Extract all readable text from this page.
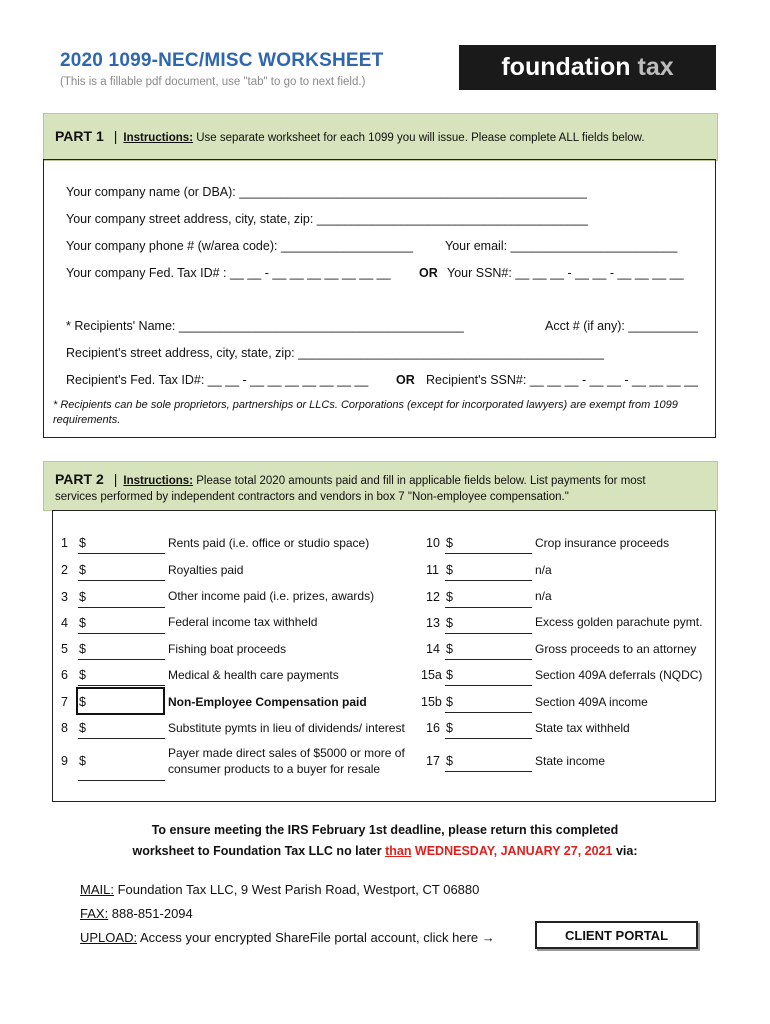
2020 1099-NEC/MISC WORKSHEET
(This is a fillable pdf document, use "tab" to go to next field.)
foundation tax
PART 1 | Instructions: Use separate worksheet for each 1099 you will issue. Please complete ALL fields below.
Your company name (or DBA): __________________________________________________
Your company street address, city, state, zip: _______________________________________
Your company phone # (w/area code): ___________________	Your email: ________________________
Your company Fed. Tax ID# : __ __ - __ __ __ __ __ __ __ OR Your SSN#: __ __ __ - __ __ - __ __ __ __
* Recipients' Name: _________________________________________	Acct # (if any): __________
Recipient's street address, city, state, zip: ____________________________________________
Recipient's Fed. Tax ID#: __ __ - __ __ __ __ __ __ __ OR Recipient's SSN#: __ __ __ - __ __ - __ __ __ __
* Recipients can be sole proprietors, partnerships or LLCs. Corporations (except for incorporated lawyers) are exempt from 1099 requirements.
PART 2 | Instructions: Please total 2020 amounts paid and fill in applicable fields below. List payments for most
services performed by independent contractors and vendors in box 7 "Non-employee compensation."
1 $	Rents paid (i.e. office or studio space)
2 $	Royalties paid
3 $	Other income paid (i.e. prizes, awards)
4 $	Federal income tax withheld
5 $	Fishing boat proceeds
6 $	Medical & health care payments
7 $	Non-Employee Compensation paid
8 $	Substitute pymts in lieu of dividends/ interest
9 $
Payer made direct sales of $5000 or more of consumer products to a buyer for resale
10 $	Crop insurance proceeds
11 $	n/a
12 $	n/a
13 $	Excess golden parachute pymt.
14 $	Gross proceeds to an attorney
15a $	Section 409A deferrals (NQDC)
15b $	Section 409A income
16 $	State tax withheld
17 $	State income
To ensure meeting the IRS February 1st deadline, please return this completed
worksheet to Foundation Tax LLC no later than WEDNESDAY, JANUARY 27, 2021 via:
MAIL: Foundation Tax LLC, 9 West Parish Road, Westport, CT 06880
FAX: 888-851-2094
UPLOAD: Access your encrypted ShareFile portal account, click here →	CLIENT PORTAL
